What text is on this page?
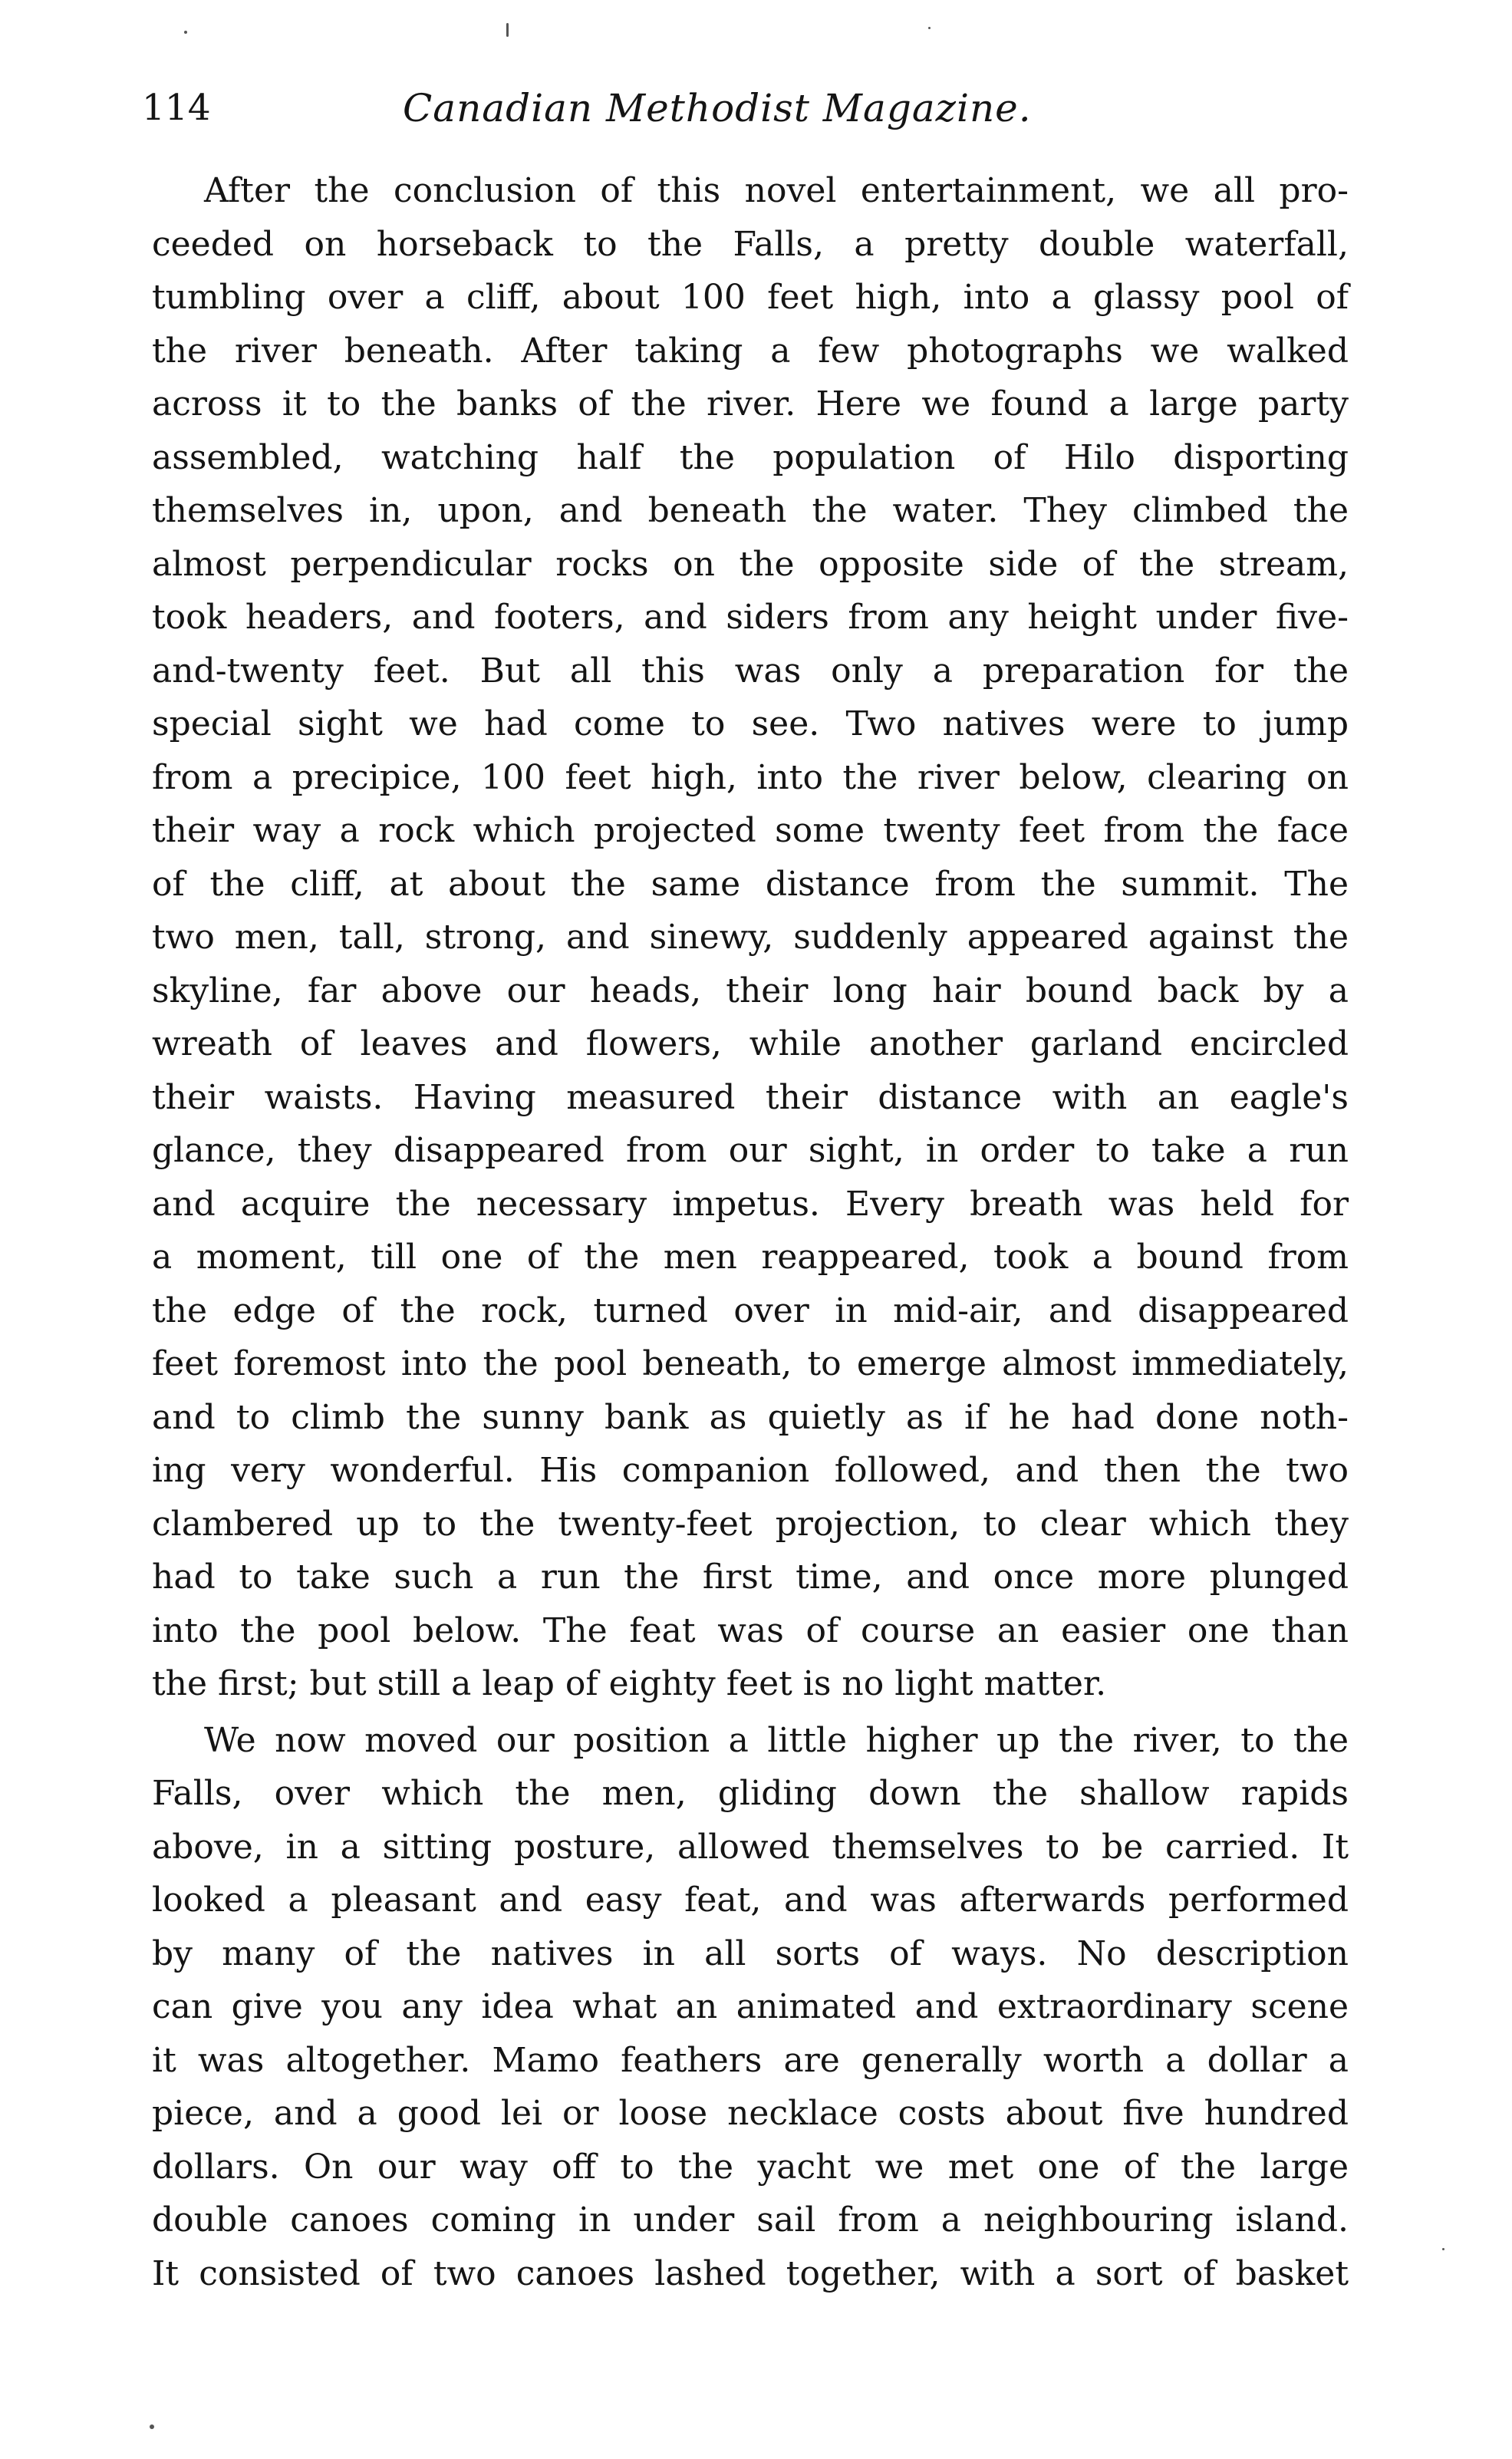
114	Canadian Methodist Magazine.

After the conclusion of this novel entertainment, we all pro-
ceeded on horseback to the Falls, a pretty double waterfall,
tumbling over a cliff, about 100 feet high, into a glassy pool of
the river beneath. After taking a few photographs we walked
across it to the banks of the river. Here we found a large party
assembled, watching half the population of Hilo disporting
themselves in, upon, and beneath the water. They climbed the
almost perpendicular rocks on the opposite side of the stream,
took headers, and footers, and siders from any height under five-
and-twenty feet. But all this was only a preparation for the
special sight we had come to see. Two natives were to jump
from a precipice, 100 feet high, into the river below, clearing on
their way a rock which projected some twenty feet from the face
of the cliff, at about the same distance from the summit. The
two men, tall, strong, and sinewy, suddenly appeared against the
skyline, far above our heads, their long hair bound back by a
wreath of leaves and flowers, while another garland encircled
their waists. Having measured their distance with an eagle's
glance, they disappeared from our sight, in order to take a run
and acquire the necessary impetus. Every breath was held for
a moment, till one of the men reappeared, took a bound from
the edge of the rock, turned over in mid-air, and disappeared
feet foremost into the pool beneath, to emerge almost immediately,
and to climb the sunny bank as quietly as if he had done noth-
ing very wonderful. His companion followed, and then the two
clambered up to the twenty-feet projection, to clear which they
had to take such a run the first time, and once more plunged
into the pool below. The feat was of course an easier one than
the first; but still a leap of eighty feet is no light matter.

We now moved our position a little higher up the river, to the
Falls, over which the men, gliding down the shallow rapids
above, in a sitting posture, allowed themselves to be carried. It
looked a pleasant and easy feat, and was afterwards performed
by many of the natives in all sorts of ways. No description
can give you any idea what an animated and extraordinary scene
it was altogether. Mamo feathers are generally worth a dollar a
piece, and a good lei or loose necklace costs about five hundred
dollars. On our way off to the yacht we met one of the large
double canoes coming in under sail from a neighbouring island.
It consisted of two canoes lashed together, with a sort of basket
